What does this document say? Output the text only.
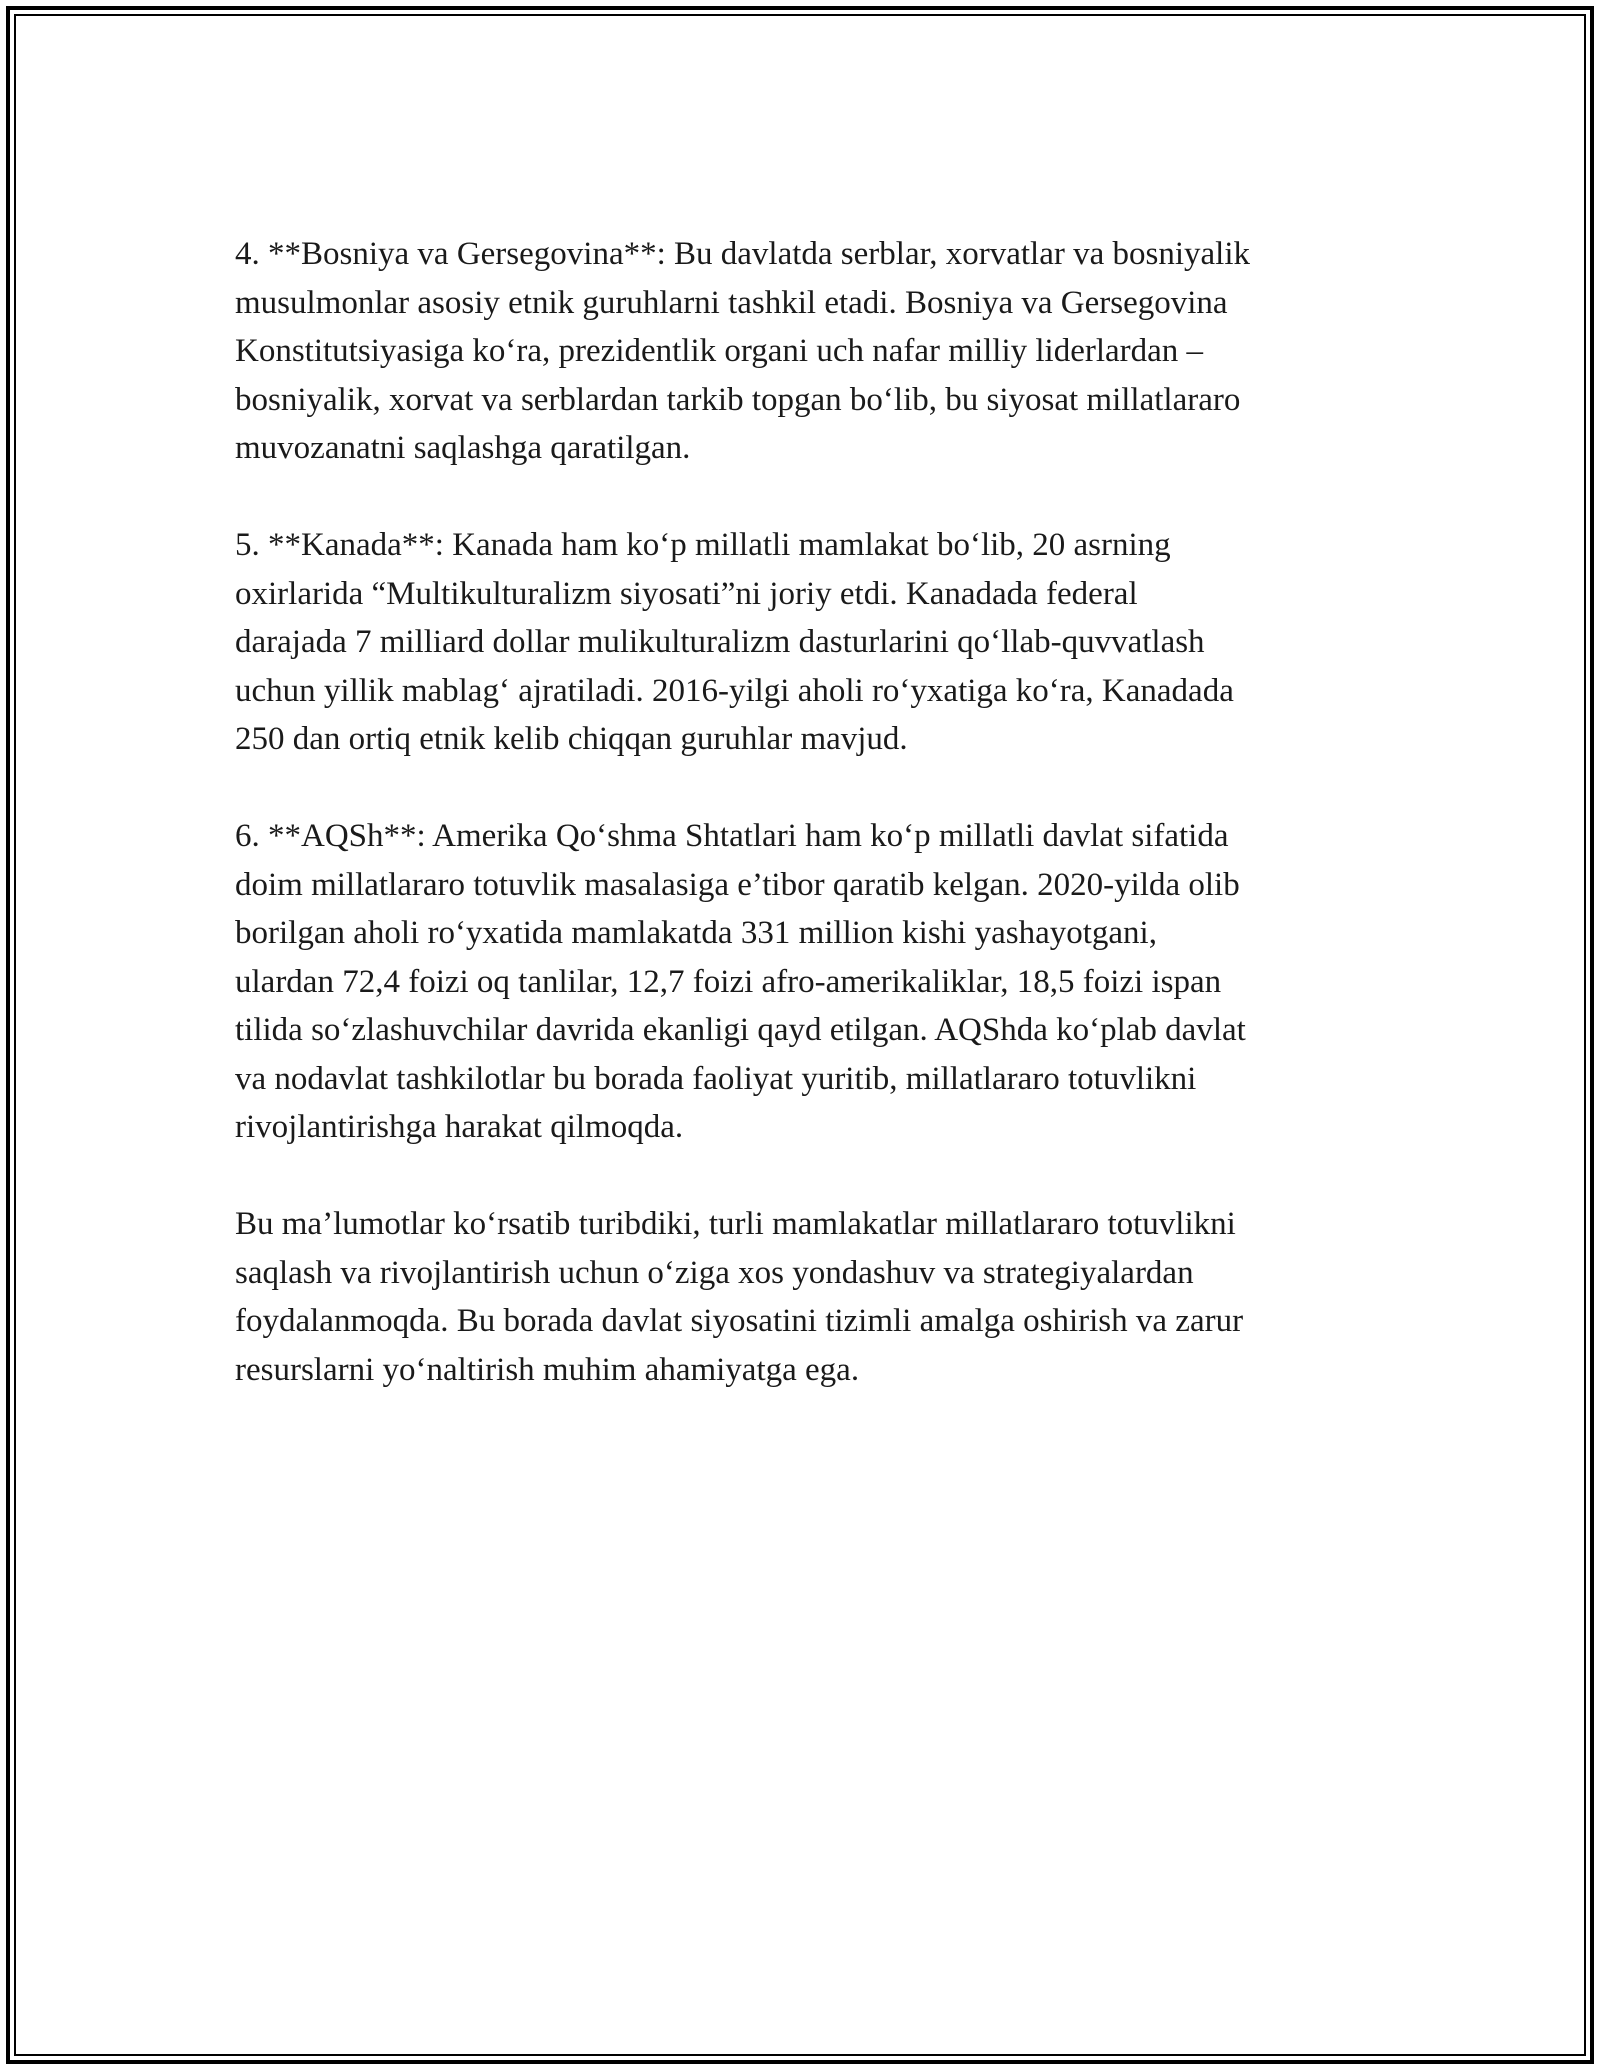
4. **Bosniya va Gersegovina**: Bu davlatda serblar, xorvatlar va bosniyalik
musulmonlar asosiy etnik guruhlarni tashkil etadi. Bosniya va Gersegovina
Konstitutsiyasiga ko‘ra, prezidentlik organi uch nafar milliy liderlardan –
bosniyalik, xorvat va serblardan tarkib topgan bo‘lib, bu siyosat millatlararo
muvozanatni saqlashga qaratilgan.

5. **Kanada**: Kanada ham ko‘p millatli mamlakat bo‘lib, 20 asrning
oxirlarida “Multikulturalizm siyosati”ni joriy etdi. Kanadada federal
darajada 7 milliard dollar mulikulturalizm dasturlarini qo‘llab-quvvatlash
uchun yillik mablag‘ ajratiladi. 2016-yilgi aholi ro‘yxatiga ko‘ra, Kanadada
250 dan ortiq etnik kelib chiqqan guruhlar mavjud.

6. **AQSh**: Amerika Qo‘shma Shtatlari ham ko‘p millatli davlat sifatida
doim millatlararo totuvlik masalasiga e’tibor qaratib kelgan. 2020-yilda olib
borilgan aholi ro‘yxatida mamlakatda 331 million kishi yashayotgani,
ulardan 72,4 foizi oq tanlilar, 12,7 foizi afro-amerikaliklar, 18,5 foizi ispan
tilida so‘zlashuvchilar davrida ekanligi qayd etilgan. AQShda ko‘plab davlat
va nodavlat tashkilotlar bu borada faoliyat yuritib, millatlararo totuvlikni
rivojlantirishga harakat qilmoqda.

Bu ma’lumotlar ko‘rsatib turibdiki, turli mamlakatlar millatlararo totuvlikni
saqlash va rivojlantirish uchun o‘ziga xos yondashuv va strategiyalardan
foydalanmoqda. Bu borada davlat siyosatini tizimli amalga oshirish va zarur
resurslarni yo‘naltirish muhim ahamiyatga ega.
